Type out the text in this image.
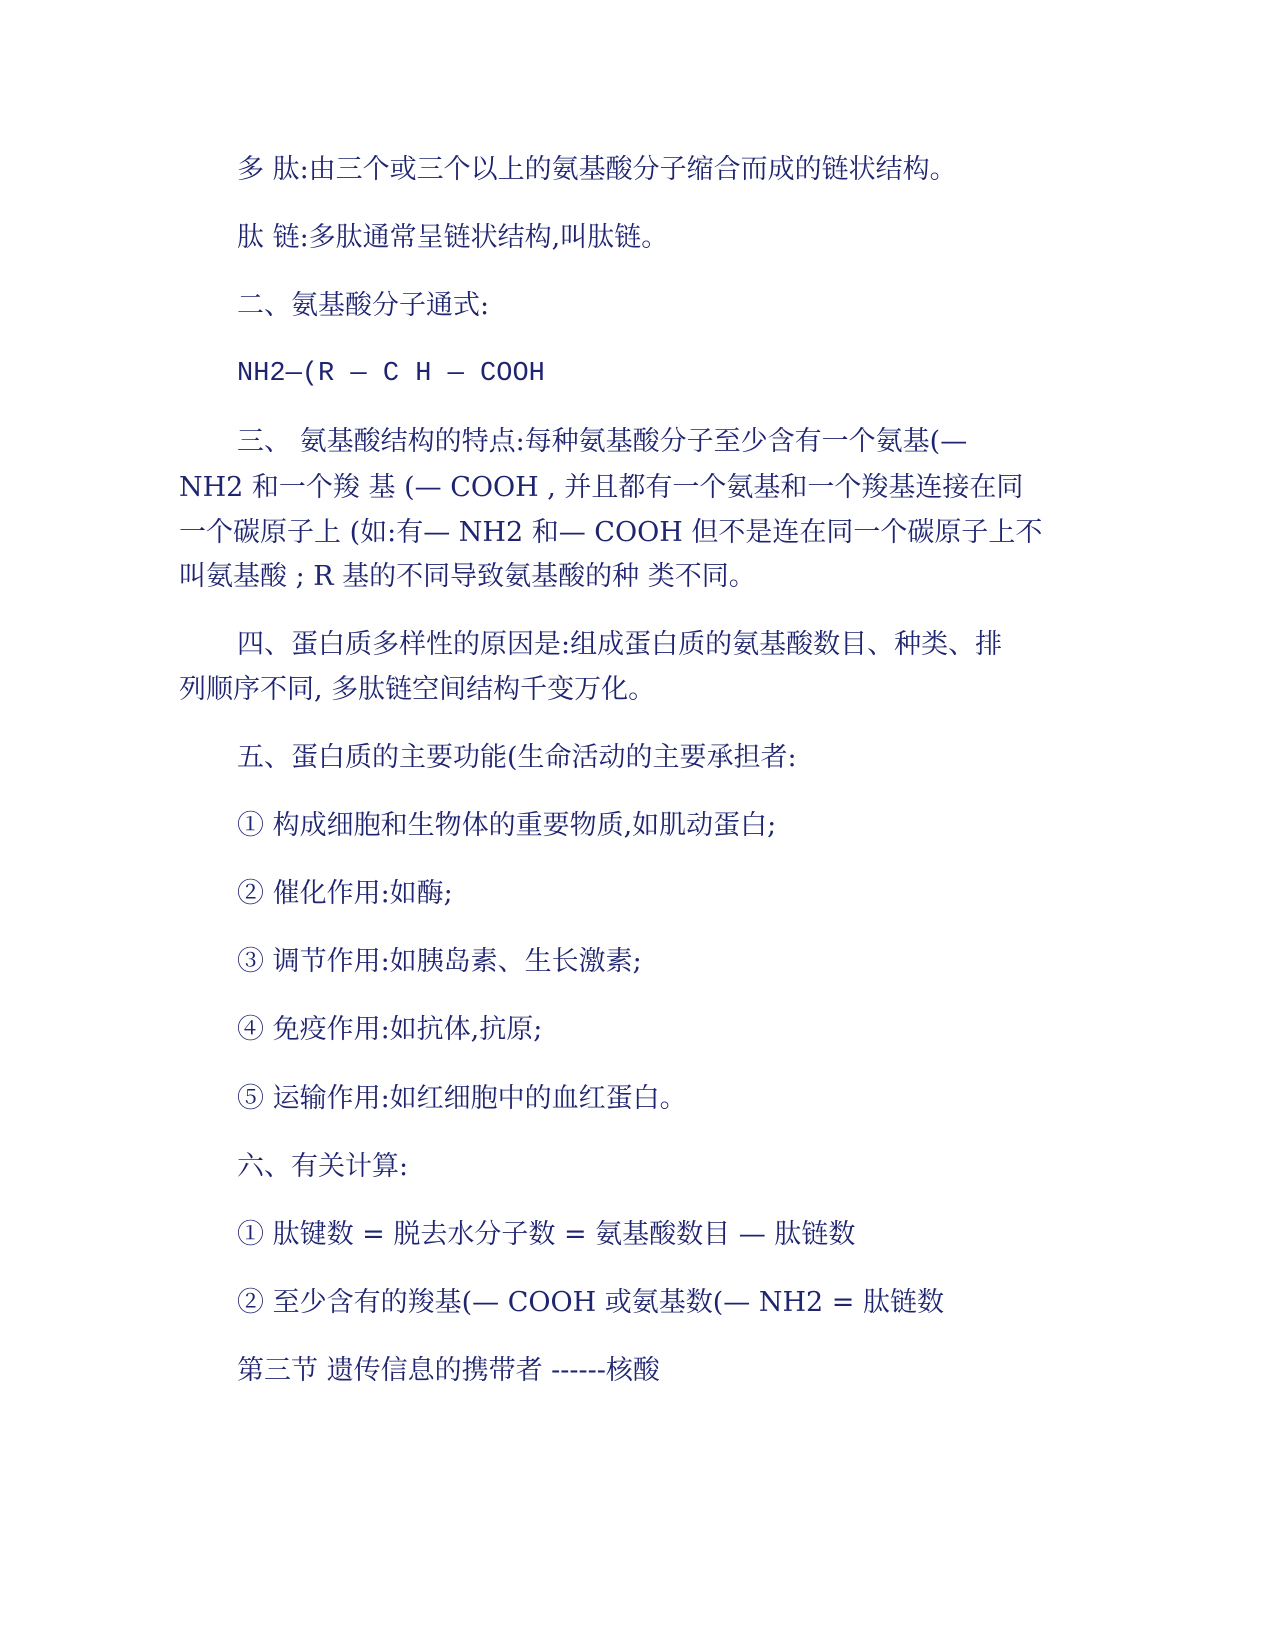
多 肽:由三个或三个以上的氨基酸分子缩合而成的链状结构。

肽 链:多肽通常呈链状结构,叫肽链。

二、氨基酸分子通式:

NH2—(R — C H — COOH

三、 氨基酸结构的特点:每种氨基酸分子至少含有一个氨基(—

NH2 和一个羧 基 (— COOH , 并且都有一个氨基和一个羧基连接在同

一个碳原子上 (如:有— NH2 和— COOH 但不是连在同一个碳原子上不

叫氨基酸 ; R 基的不同导致氨基酸的种 类不同。

四、蛋白质多样性的原因是:组成蛋白质的氨基酸数目、种类、排

列顺序不同, 多肽链空间结构千变万化。

五、蛋白质的主要功能(生命活动的主要承担者:

① 构成细胞和生物体的重要物质,如肌动蛋白;

② 催化作用:如酶;

③ 调节作用:如胰岛素、生长激素;

④ 免疫作用:如抗体,抗原;

⑤ 运输作用:如红细胞中的血红蛋白。

六、有关计算:

① 肽键数 = 脱去水分子数 = 氨基酸数目 — 肽链数

② 至少含有的羧基(— COOH 或氨基数(— NH2 = 肽链数

第三节 遗传信息的携带者 ------核酸
